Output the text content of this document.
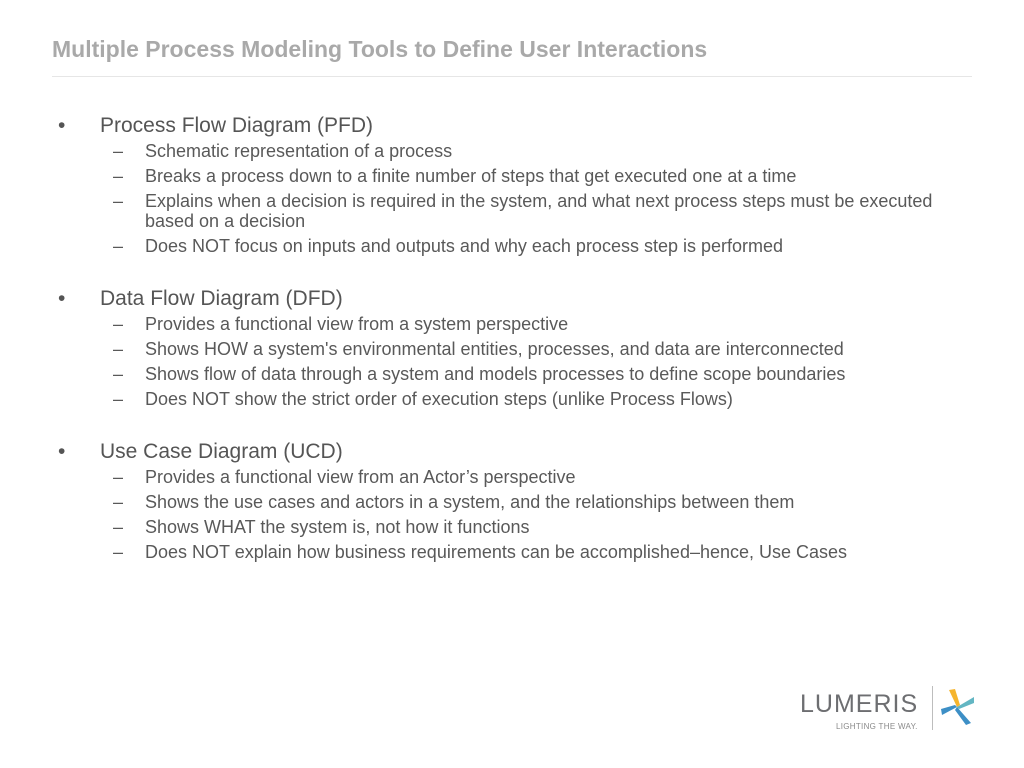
Multiple Process Modeling Tools to Define User Interactions
• Process Flow Diagram (PFD)
– Schematic representation of a process
– Breaks a process down to a finite number of steps that get executed one at a time
– Explains when a decision is required in the system, and what next process steps must be executed based on a decision
– Does NOT focus on inputs and outputs and why each process step is performed
• Data Flow Diagram (DFD)
– Provides a functional view from a system perspective
– Shows HOW a system's environmental entities, processes, and data are interconnected
– Shows flow of data through a system and models processes to define scope boundaries
– Does NOT show the strict order of execution steps (unlike Process Flows)
• Use Case Diagram (UCD)
– Provides a functional view from an Actor’s perspective
– Shows the use cases and actors in a system, and the relationships between them
– Shows WHAT the system is, not how it functions
– Does NOT explain how business requirements can be accomplished–hence, Use Cases
LUMERIS
LIGHTING THE WAY.
